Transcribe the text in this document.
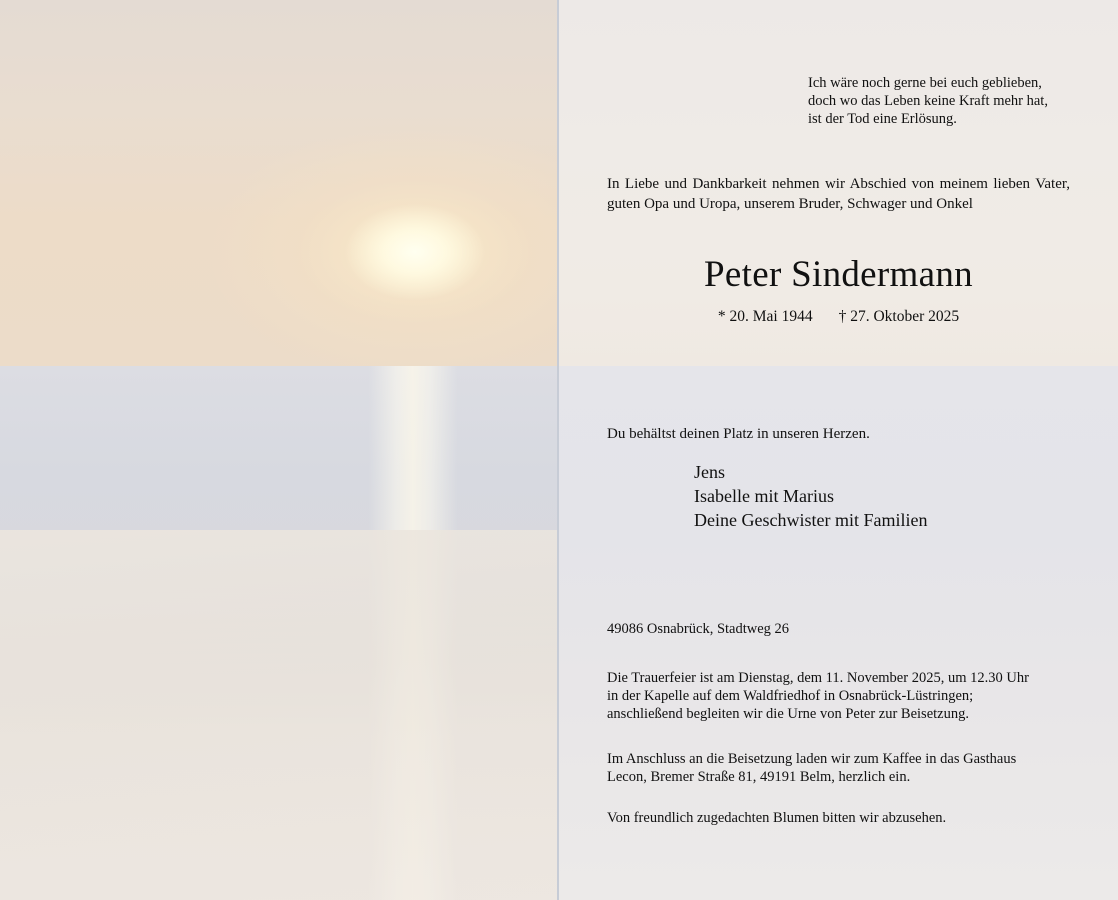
Ich wäre noch gerne bei euch geblieben,
doch wo das Leben keine Kraft mehr hat,
ist der Tod eine Erlösung.
In Liebe und Dankbarkeit nehmen wir Abschied von meinem lieben Vater, guten Opa und Uropa, unserem Bruder, Schwager und Onkel
Peter Sindermann
* 20. Mai 1944 † 27. Oktober 2025
Du behältst deinen Platz in unseren Herzen.
Jens
Isabelle mit Marius
Deine Geschwister mit Familien
49086 Osnabrück, Stadtweg 26
Die Trauerfeier ist am Dienstag, dem 11. November 2025, um 12.30 Uhr
in der Kapelle auf dem Waldfriedhof in Osnabrück-Lüstringen;
anschließend begleiten wir die Urne von Peter zur Beisetzung.
Im Anschluss an die Beisetzung laden wir zum Kaffee in das Gasthaus
Lecon, Bremer Straße 81, 49191 Belm, herzlich ein.
Von freundlich zugedachten Blumen bitten wir abzusehen.
